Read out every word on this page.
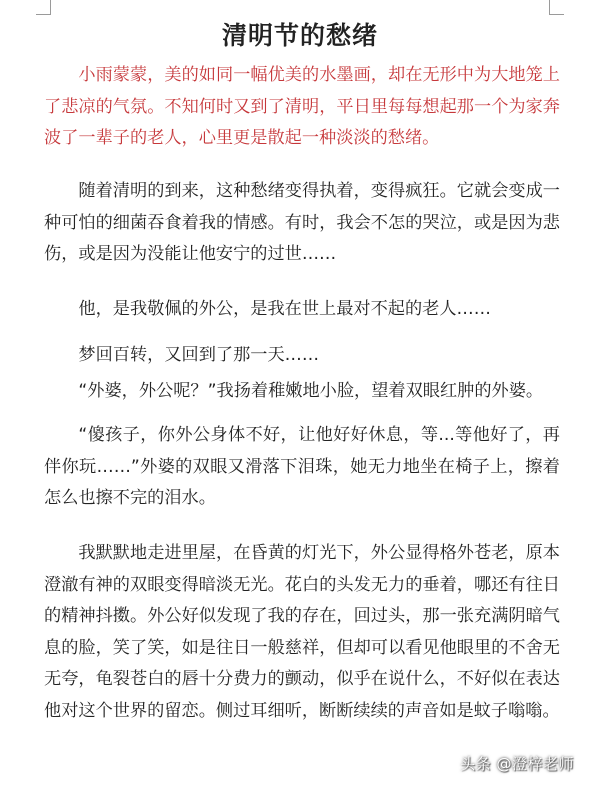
清明节的愁绪

小雨蒙蒙，美的如同一幅优美的水墨画，却在无形中为大地笼上了悲凉的气氛。不知何时又到了清明，平日里每每想起那一个为家奔波了一辈子的老人，心里更是散起一种淡淡的愁绪。

随着清明的到来，这种愁绪变得执着，变得疯狂。它就会变成一种可怕的细菌吞食着我的情感。有时，我会不怎的哭泣，或是因为悲伤，或是因为没能让他安宁的过世……

他，是我敬佩的外公，是我在世上最对不起的老人……

梦回百转，又回到了那一天……

“外婆，外公呢？”我扬着稚嫩地小脸，望着双眼红肿的外婆。

“傻孩子，你外公身体不好，让他好好休息，等...等他好了，再伴你玩……”外婆的双眼又滑落下泪珠，她无力地坐在椅子上，擦着怎么也擦不完的泪水。

我默默地走进里屋，在昏黄的灯光下，外公显得格外苍老，原本澄澈有神的双眼变得暗淡无光。花白的头发无力的垂着，哪还有往日的精神抖擞。外公好似发现了我的存在，回过头，那一张充满阴暗气息的脸，笑了笑，如是往日一般慈祥，但却可以看见他眼里的不舍无无夸，龟裂苍白的唇十分费力的颤动，似乎在说什么，不好似在表达他对这个世界的留恋。侧过耳细听，断断续续的声音如是蚊子嗡嗡。

头条 @澄梓老师
